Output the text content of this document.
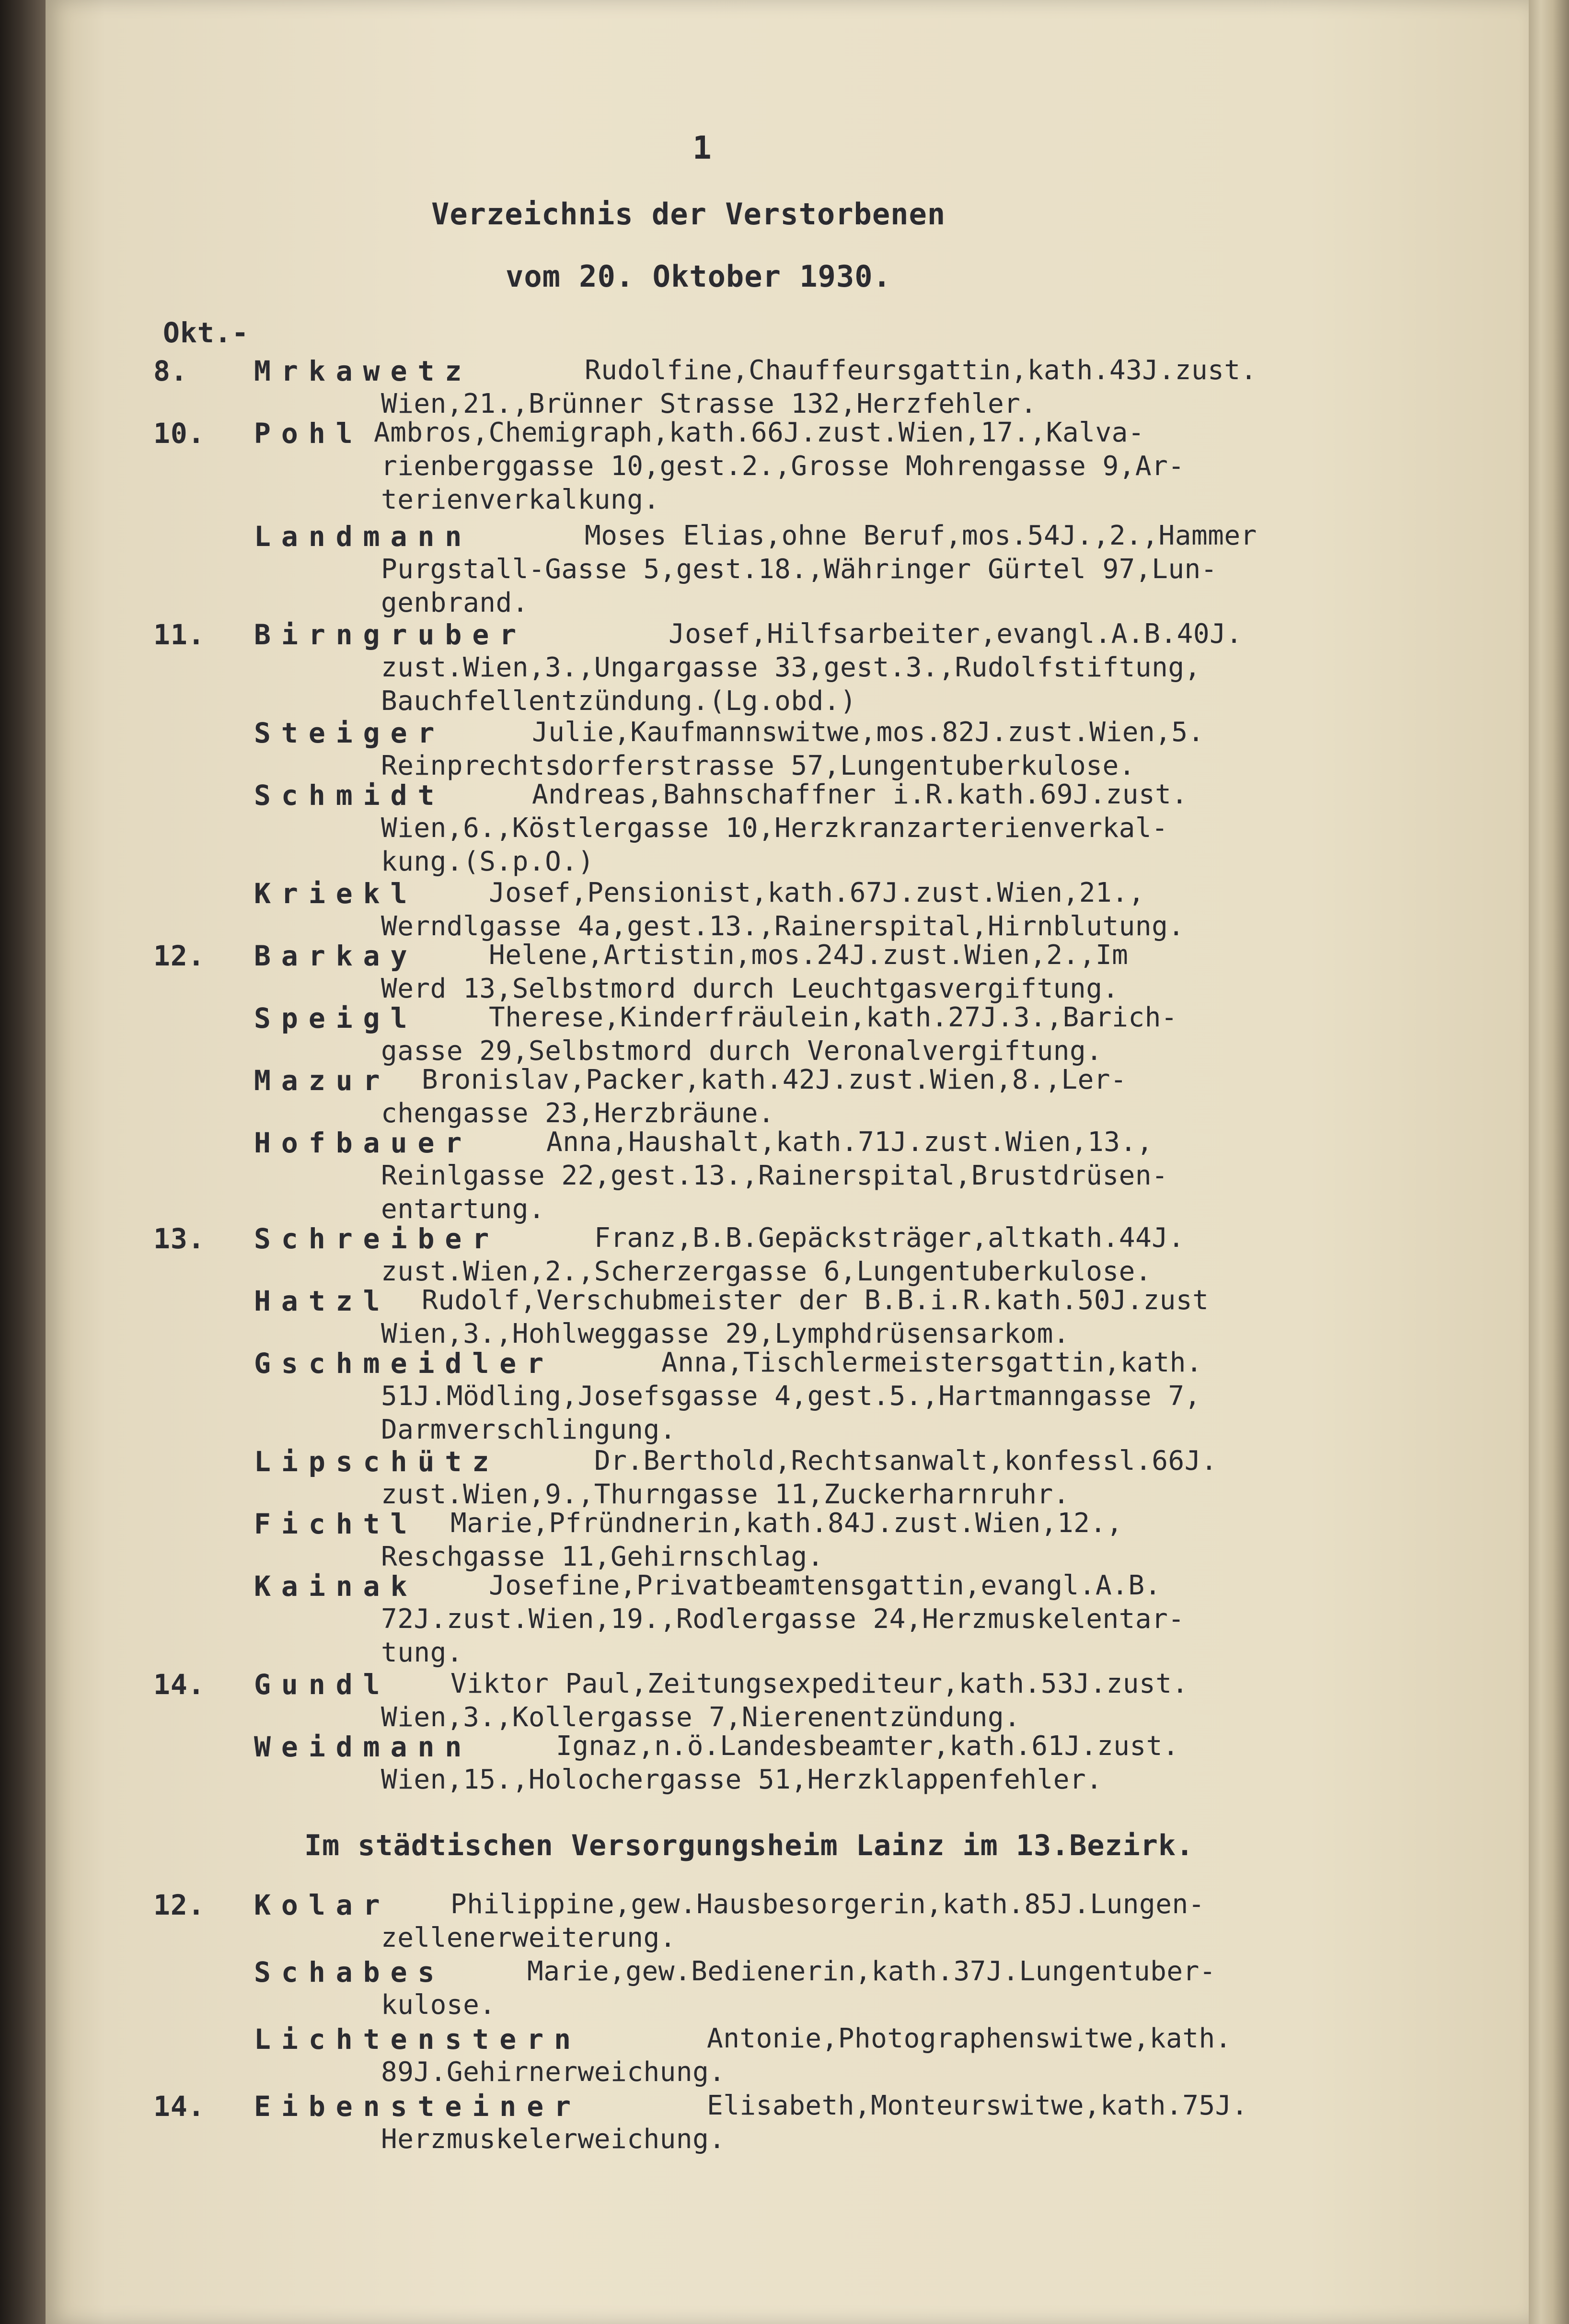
1
Verzeichnis der Verstorbenen
vom 20. Oktober 1930.
Okt.-
8.	Mrkawetz	Rudolfine,Chauffeursgattin,kath.43J.zust.
Wien,21.,Brünner Strasse 132,Herzfehler.
10.	Pohl Ambros,Chemigraph,kath.66J.zust.Wien,17.,Kalva-
rienberggasse 10,gest.2.,Grosse Mohrengasse 9,Ar-
terienverkalkung.
Landmann	Moses Elias,ohne Beruf,mos.54J.,2.,Hammer
Purgstall-Gasse 5,gest.18.,Währinger Gürtel 97,Lun-
genbrand.
11.	Birngruber	Josef,Hilfsarbeiter,evangl.A.B.40J.
zust.Wien,3.,Ungargasse 33,gest.3.,Rudolfstiftung,
Bauchfellentzündung.(Lg.obd.)
Steiger	Julie,Kaufmannswitwe,mos.82J.zust.Wien,5.
Reinprechtsdorferstrasse 57,Lungentuberkulose.
Schmidt	Andreas,Bahnschaffner i.R.kath.69J.zust.
Wien,6.,Köstlergasse 10,Herzkranzarterienverkal-
kung.(S.p.O.)
Kriekl	Josef,Pensionist,kath.67J.zust.Wien,21.,
Werndlgasse 4a,gest.13.,Rainerspital,Hirnblutung.
12.	Barkay	Helene,Artistin,mos.24J.zust.Wien,2.,Im
Werd 13,Selbstmord durch Leuchtgasvergiftung.
Speigl	Therese,Kinderfräulein,kath.27J.3.,Barich-
gasse 29,Selbstmord durch Veronalvergiftung.
Mazur Bronislav,Packer,kath.42J.zust.Wien,8.,Ler-
chengasse 23,Herzbräune.
Hofbauer	Anna,Haushalt,kath.71J.zust.Wien,13.,
Reinlgasse 22,gest.13.,Rainerspital,Brustdrüsen-
entartung.
13.	Schreiber	Franz,B.B.Gepäcksträger,altkath.44J.
zust.Wien,2.,Scherzergasse 6,Lungentuberkulose.
Hatzl Rudolf,Verschubmeister der B.B.i.R.kath.50J.zust
Wien,3.,Hohlweggasse 29,Lymphdrüsensarkom.
Gschmeidler	Anna,Tischlermeistersgattin,kath.
51J.Mödling,Josefsgasse 4,gest.5.,Hartmanngasse 7,
Darmverschlingung.
Lipschütz	Dr.Berthold,Rechtsanwalt,konfessl.66J.
zust.Wien,9.,Thurngasse 11,Zuckerharnruhr.
Fichtl Marie,Pfründnerin,kath.84J.zust.Wien,12.,
Reschgasse 11,Gehirnschlag.
Kainak	Josefine,Privatbeamtensgattin,evangl.A.B.
72J.zust.Wien,19.,Rodlergasse 24,Herzmuskelentar-
tung.
14.	Gundl Viktor Paul,Zeitungsexpediteur,kath.53J.zust.
Wien,3.,Kollergasse 7,Nierenentzündung.
Weidmann	Ignaz,n.ö.Landesbeamter,kath.61J.zust.
Wien,15.,Holochergasse 51,Herzklappenfehler.
Im städtischen Versorgungsheim Lainz im 13.Bezirk.
12.	Kolar Philippine,gew.Hausbesorgerin,kath.85J.Lungen-
zellenerweiterung.
Schabes	Marie,gew.Bedienerin,kath.37J.Lungentuber-
kulose.
Lichtenstern	Antonie,Photographenswitwe,kath.
89J.Gehirnerweichung.
14.	Eibensteiner	Elisabeth,Monteurswitwe,kath.75J.
Herzmuskelerweichung.
